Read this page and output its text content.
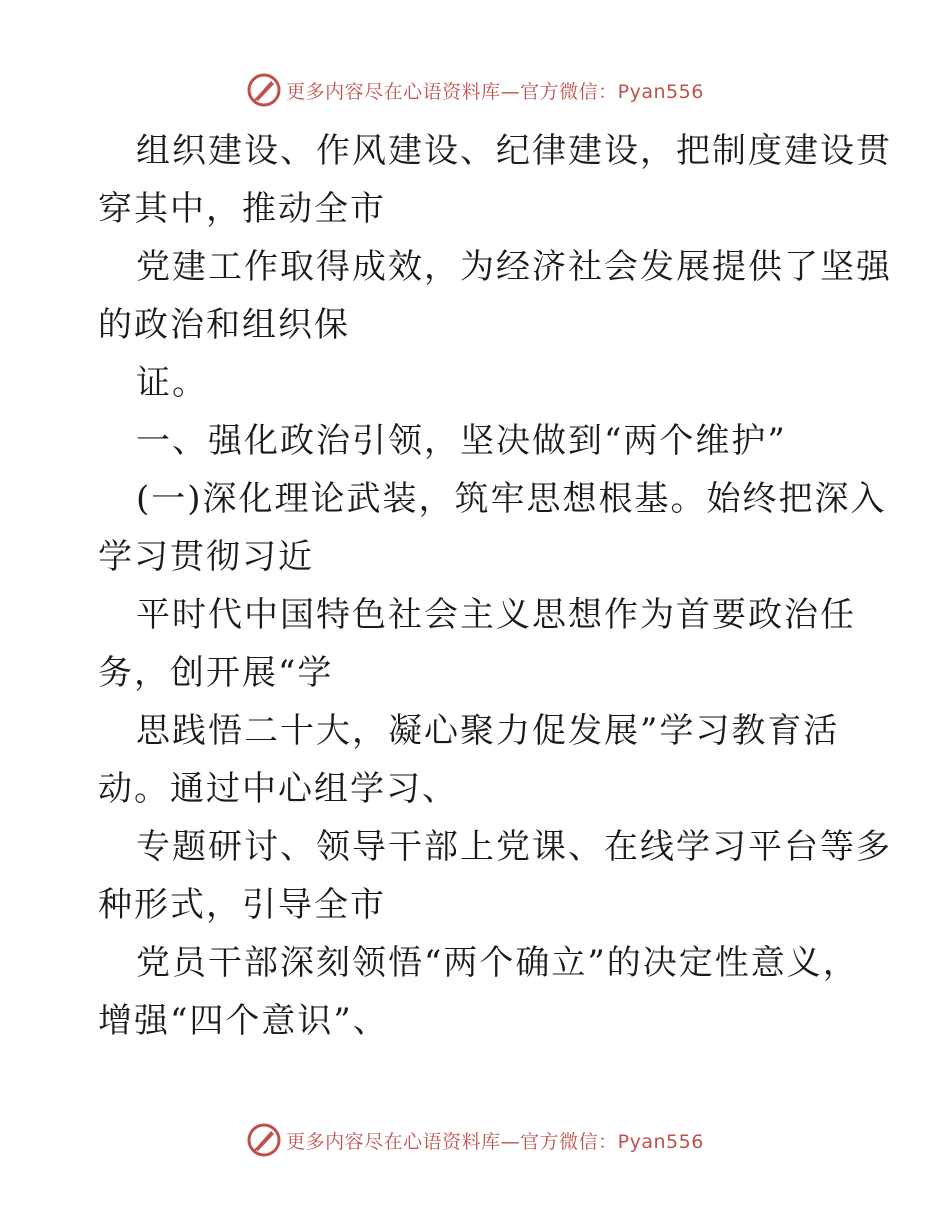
更多内容尽在心语资料库—官方微信：Pyan556
组织建设、作风建设、纪律建设，把制度建设贯
穿其中，推动全市
党建工作取得成效，为经济社会发展提供了坚强
的政治和组织保
证。
一、强化政治引领，坚决做到“两个维护”
(一)深化理论武装，筑牢思想根基。始终把深入
学习贯彻习近
平时代中国特色社会主义思想作为首要政治任
务，创开展“学
思践悟二十大，凝心聚力促发展”学习教育活
动。通过中心组学习、
专题研讨、领导干部上党课、在线学习平台等多
种形式，引导全市
党员干部深刻领悟“两个确立”的决定性意义，
增强“四个意识”、
更多内容尽在心语资料库—官方微信：Pyan556
